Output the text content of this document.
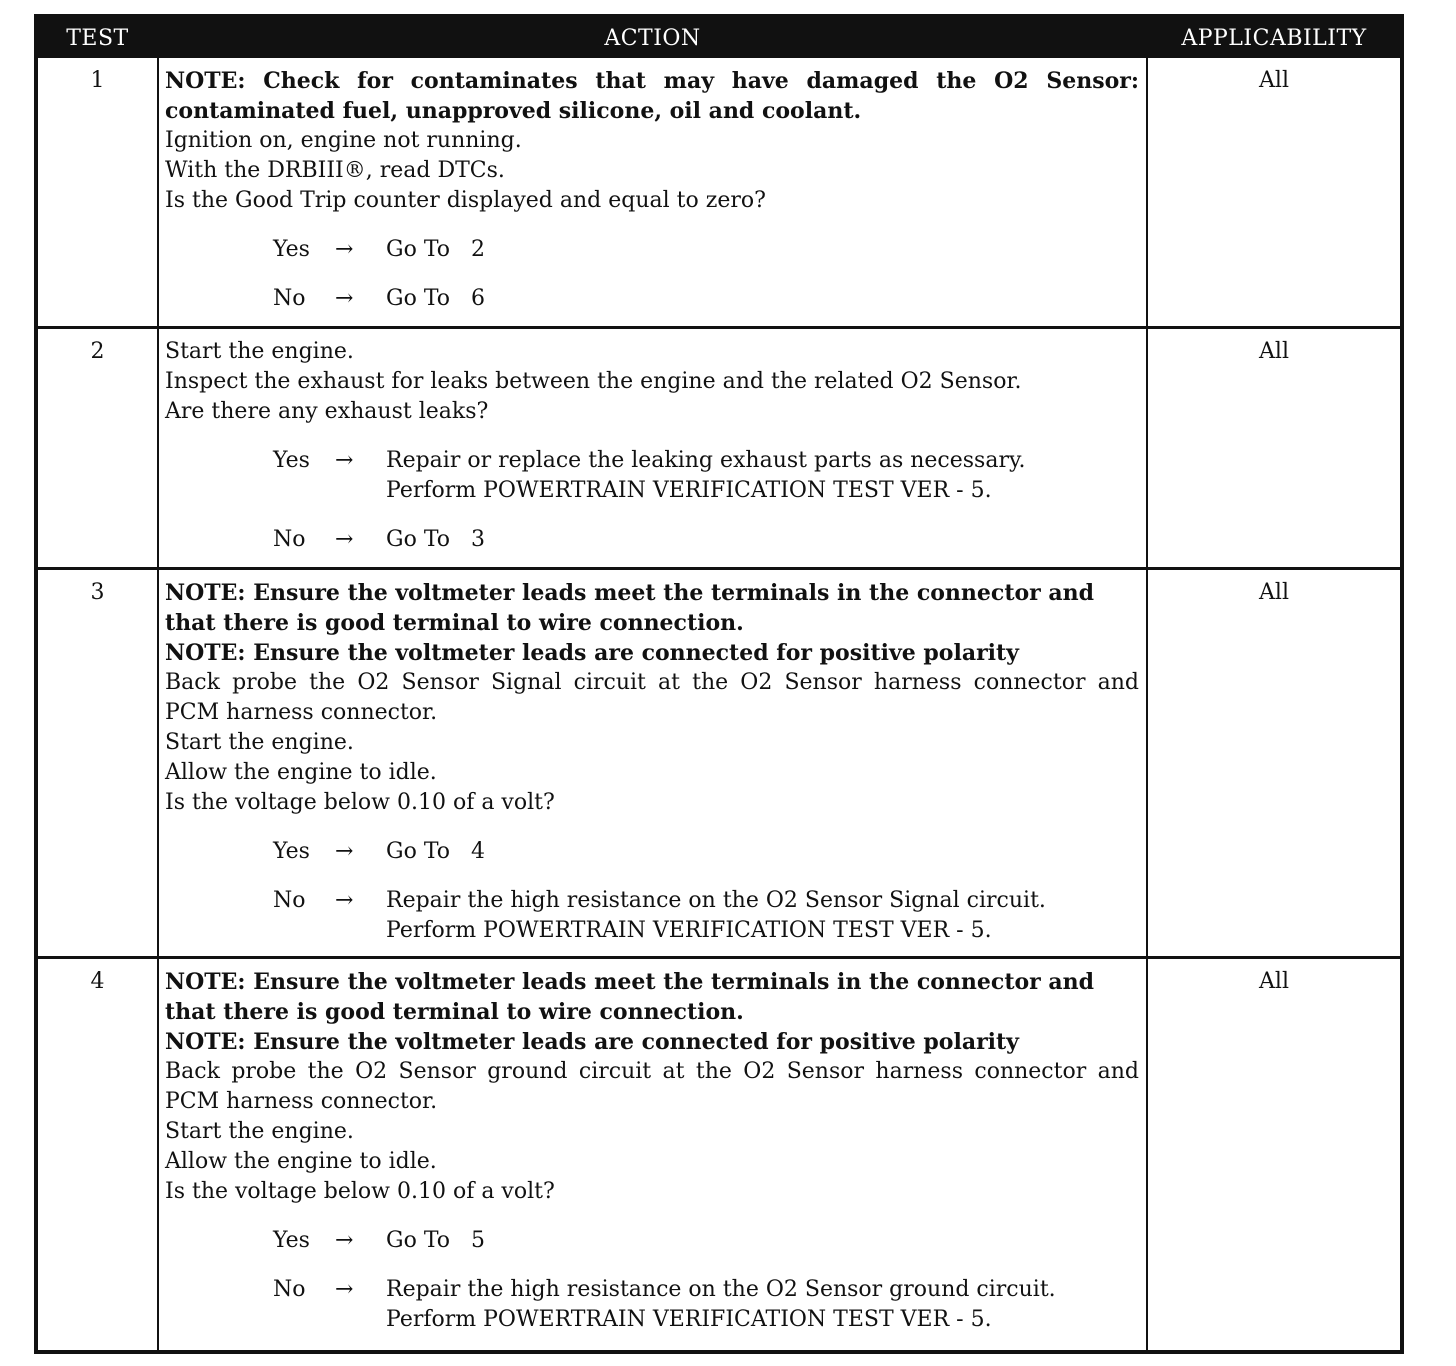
TEST	ACTION	APPLICABILITY
1	NOTE: Check for contaminates that may have damaged the O2 Sensor:
contaminated fuel, unapproved silicone, oil and coolant.
Ignition on, engine not running.
With the DRBIII®, read DTCs.
Is the Good Trip counter displayed and equal to zero?
Yes → Go To   2
No → Go To   6
All
2	Start the engine.
Inspect the exhaust for leaks between the engine and the related O2 Sensor.
Are there any exhaust leaks?
Yes → Repair or replace the leaking exhaust parts as necessary.
Perform POWERTRAIN VERIFICATION TEST VER - 5.
No → Go To   3
All
3	NOTE: Ensure the voltmeter leads meet the terminals in the connector and
that there is good terminal to wire connection.
NOTE: Ensure the voltmeter leads are connected for positive polarity
Back probe the O2 Sensor Signal circuit at the O2 Sensor harness connector and
PCM harness connector.
Start the engine.
Allow the engine to idle.
Is the voltage below 0.10 of a volt?
Yes → Go To   4
No → Repair the high resistance on the O2 Sensor Signal circuit.
Perform POWERTRAIN VERIFICATION TEST VER - 5.
All
4	NOTE: Ensure the voltmeter leads meet the terminals in the connector and
that there is good terminal to wire connection.
NOTE: Ensure the voltmeter leads are connected for positive polarity
Back probe the O2 Sensor ground circuit at the O2 Sensor harness connector and
PCM harness connector.
Start the engine.
Allow the engine to idle.
Is the voltage below 0.10 of a volt?
Yes → Go To   5
No → Repair the high resistance on the O2 Sensor ground circuit.
Perform POWERTRAIN VERIFICATION TEST VER - 5.
All
